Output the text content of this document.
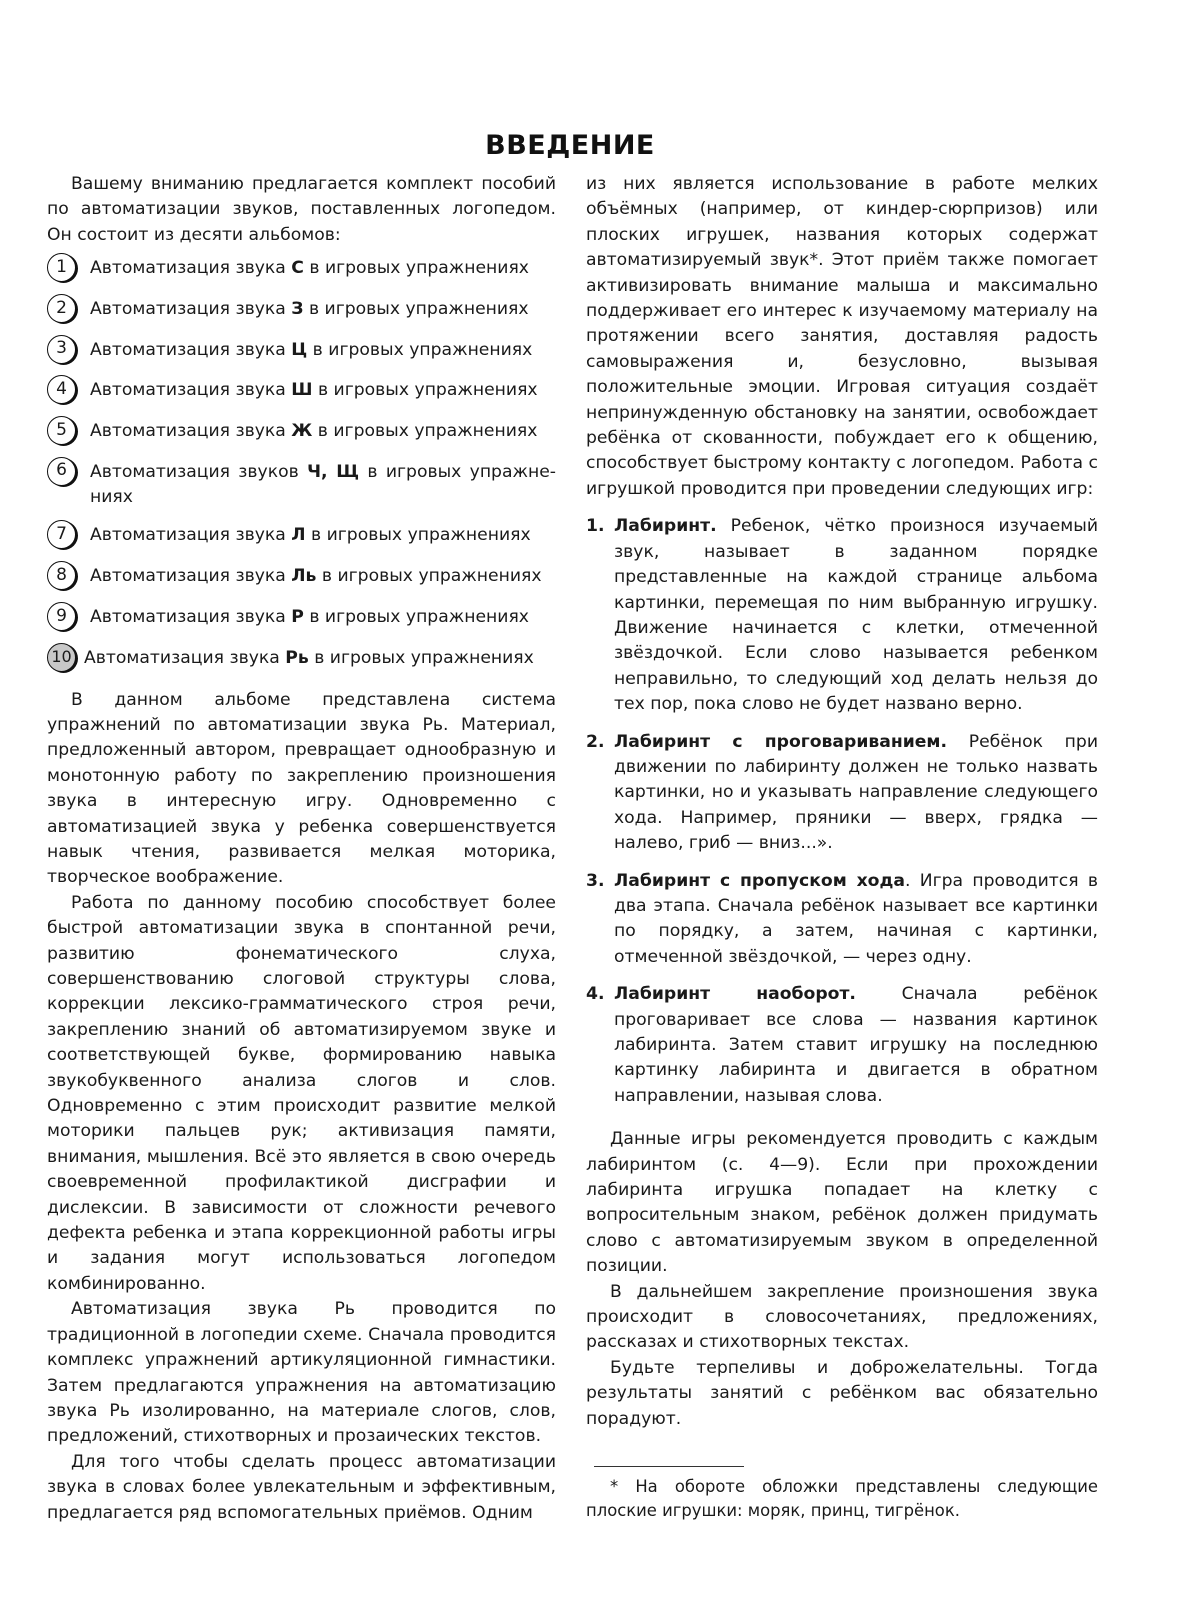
ВВЕДЕНИЕ

Вашему вниманию предлагается комплект пособий по автоматизации звуков, поставленных логопедом. Он состоит из десяти альбомов:

1	Автоматизация звука С в игровых упражнениях
2	Автоматизация звука З в игровых упражнениях
3	Автоматизация звука Ц в игровых упражнениях
4	Автоматизация звука Ш в игровых упражнениях
5	Автоматизация звука Ж в игровых упражнениях
6	Автоматизация звуков Ч, Щ в игровых упражне-ниях
7	Автоматизация звука Л в игровых упражнениях
8	Автоматизация звука Ль в игровых упражнениях
9	Автоматизация звука Р в игровых упражнениях
10 Автоматизация звука Рь в игровых упражнениях

В данном альбоме представлена система упражнений по автоматизации звука Рь. Материал, предложенный автором, превращает однообразную и монотонную работу по закреплению произношения звука в интересную игру. Одновременно с автоматизацией звука у ребенка совершенствуется навык чтения, развивается мелкая моторика, творческое воображение.

Работа по данному пособию способствует более быстрой автоматизации звука в спонтанной речи, развитию фонематического слуха, совершенствованию слоговой структуры слова, коррекции лексико-грамматического строя речи, закреплению знаний об автоматизируемом звуке и соответствующей букве, формированию навыка звукобуквенного анализа слогов и слов. Одновременно с этим происходит развитие мелкой моторики пальцев рук; активизация памяти, внимания, мышления. Всё это является в свою очередь своевременной профилактикой дисграфии и дислексии. В зависимости от сложности речевого дефекта ребенка и этапа коррекционной работы игры и задания могут использоваться логопедом комбинированно.

Автоматизация звука Рь проводится по традиционной в логопедии схеме. Сначала проводится комплекс упражнений артикуляционной гимнастики. Затем предлагаются упражнения на автоматизацию звука Рь изолированно, на материале слогов, слов, предложений, стихотворных и прозаических текстов.

Для того чтобы сделать процесс автоматизации звука в словах более увлекательным и эффективным, предлагается ряд вспомогательных приёмов. Одним

из них является использование в работе мелких объёмных (например, от киндер-сюрпризов) или плоских игрушек, названия которых содержат автоматизируемый звук*. Этот приём также помогает активизировать внимание малыша и максимально поддерживает его интерес к изучаемому материалу на протяжении всего занятия, доставляя радость самовыражения и, безусловно, вызывая положительные эмоции. Игровая ситуация создаёт непринужденную обстановку на занятии, освобождает ребёнка от скованности, побуждает его к общению, способствует быстрому контакту с логопедом. Работа с игрушкой проводится при проведении следующих игр:

1. Лабиринт. Ребенок, чётко произнося изучаемый звук, называет в заданном порядке представленные на каждой странице альбома картинки, перемещая по ним выбранную игрушку. Движение начинается с клетки, отмеченной звёздочкой. Если слово называется ребенком неправильно, то следующий ход делать нельзя до тех пор, пока слово не будет названо верно.
2. Лабиринт с проговариванием. Ребёнок при движении по лабиринту должен не только назвать картинки, но и указывать направление следующего хода. Например, пряники — вверх, грядка — налево, гриб — вниз...».
3. Лабиринт с пропуском хода. Игра проводится в два этапа. Сначала ребёнок называет все картинки по порядку, а затем, начиная с картинки, отмеченной звёздочкой, — через одну.
4. Лабиринт наоборот. Сначала ребёнок проговаривает все слова — названия картинок лабиринта. Затем ставит игрушку на последнюю картинку лабиринта и двигается в обратном направлении, называя слова.

Данные игры рекомендуется проводить с каждым лабиринтом (с. 4—9). Если при прохождении лабиринта игрушка попадает на клетку с вопросительным знаком, ребёнок должен придумать слово с автоматизируемым звуком в определенной позиции.

В дальнейшем закрепление произношения звука происходит в словосочетаниях, предложениях, рассказах и стихотворных текстах.

Будьте терпеливы и доброжелательны. Тогда результаты занятий с ребёнком вас обязательно порадуют.

* На обороте обложки представлены следующие плоские игрушки: моряк, принц, тигрёнок.
